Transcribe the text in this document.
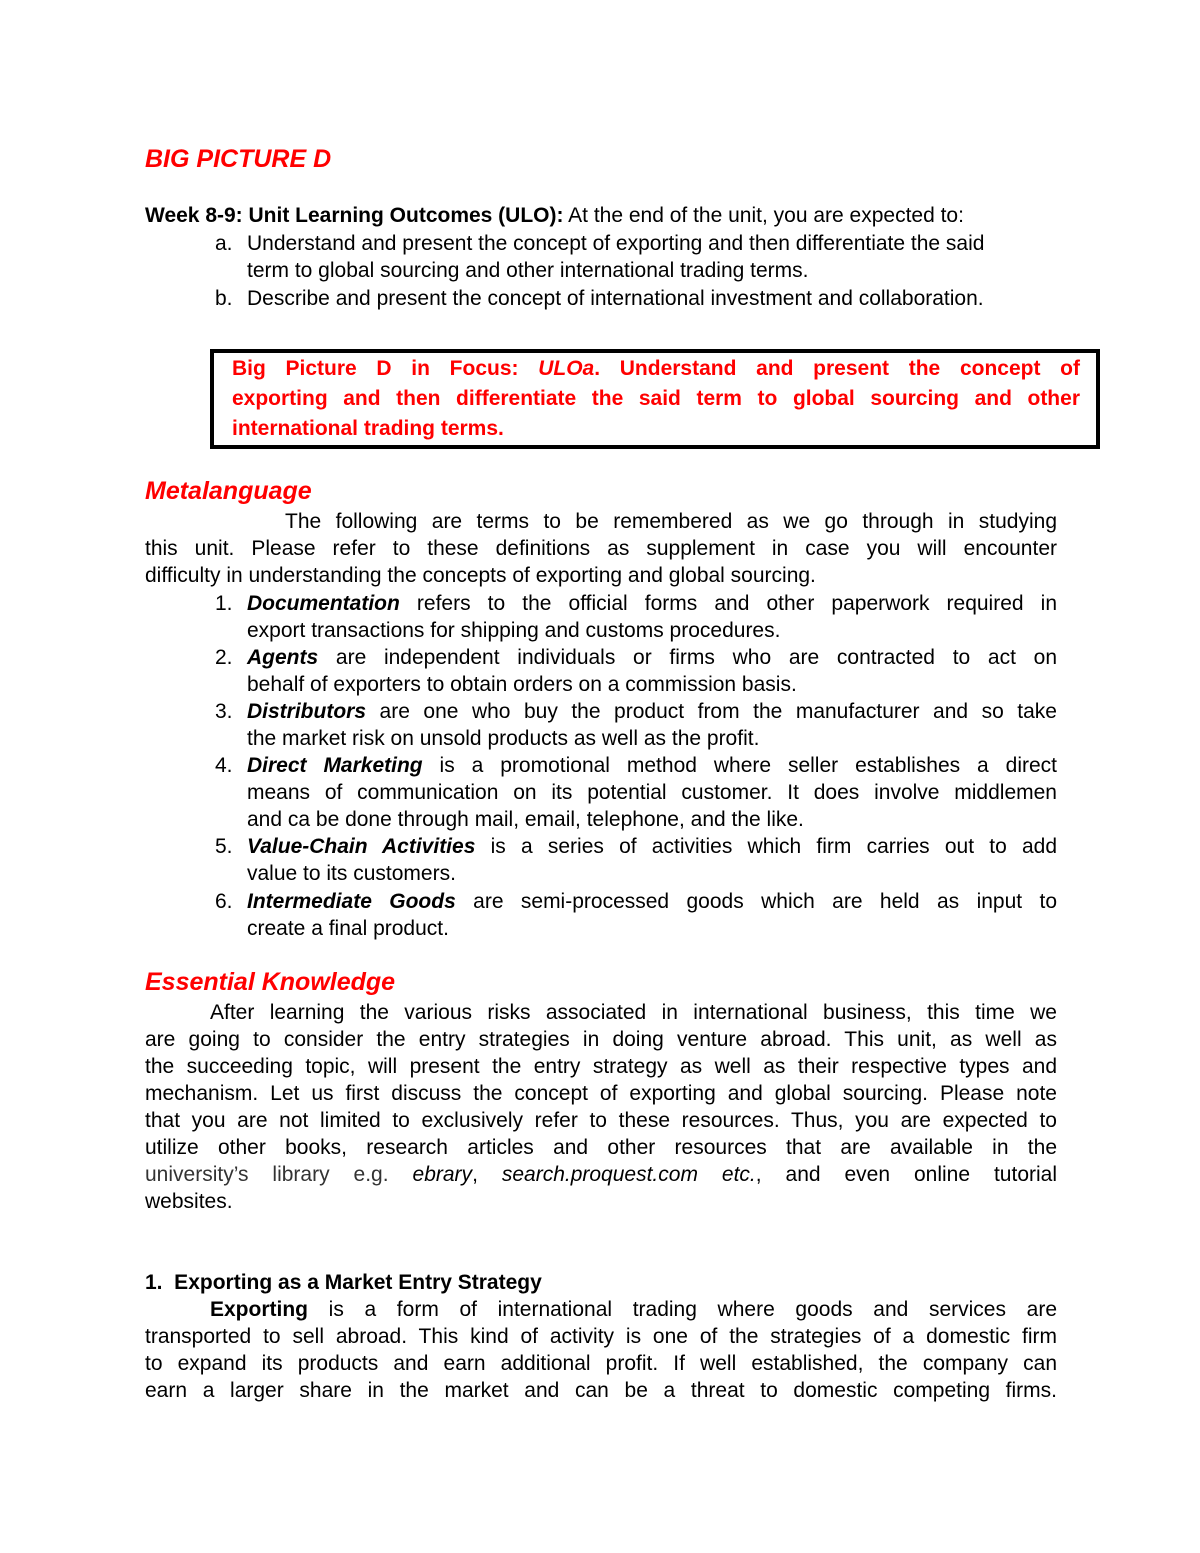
BIG PICTURE D
Week 8-9: Unit Learning Outcomes (ULO): At the end of the unit, you are expected to:
a. Understand and present the concept of exporting and then differentiate the said
term to global sourcing and other international trading terms.
b. Describe and present the concept of international investment and collaboration.
Big Picture D in Focus: ULOa. Understand and present the concept of
exporting and then differentiate the said term to global sourcing and other
international trading terms.
Metalanguage
The following are terms to be remembered as we go through in studying
this unit. Please refer to these definitions as supplement in case you will encounter
difficulty in understanding the concepts of exporting and global sourcing.
1. Documentation refers to the official forms and other paperwork required in
export transactions for shipping and customs procedures.
2. Agents are independent individuals or firms who are contracted to act on
behalf of exporters to obtain orders on a commission basis.
3. Distributors are one who buy the product from the manufacturer and so take
the market risk on unsold products as well as the profit.
4. Direct Marketing is a promotional method where seller establishes a direct
means of communication on its potential customer. It does involve middlemen
and ca be done through mail, email, telephone, and the like.
5. Value-Chain Activities is a series of activities which firm carries out to add
value to its customers.
6. Intermediate Goods are semi-processed goods which are held as input to
create a final product.
Essential Knowledge
After learning the various risks associated in international business, this time we
are going to consider the entry strategies in doing venture abroad. This unit, as well as
the succeeding topic, will present the entry strategy as well as their respective types and
mechanism. Let us first discuss the concept of exporting and global sourcing. Please note
that you are not limited to exclusively refer to these resources. Thus, you are expected to
utilize other books, research articles and other resources that are available in the
university’s library e.g. ebrary, search.proquest.com etc., and even online tutorial
websites.
1.  Exporting as a Market Entry Strategy
Exporting is a form of international trading where goods and services are
transported to sell abroad. This kind of activity is one of the strategies of a domestic firm
to expand its products and earn additional profit. If well established, the company can
earn a larger share in the market and can be a threat to domestic competing firms.
